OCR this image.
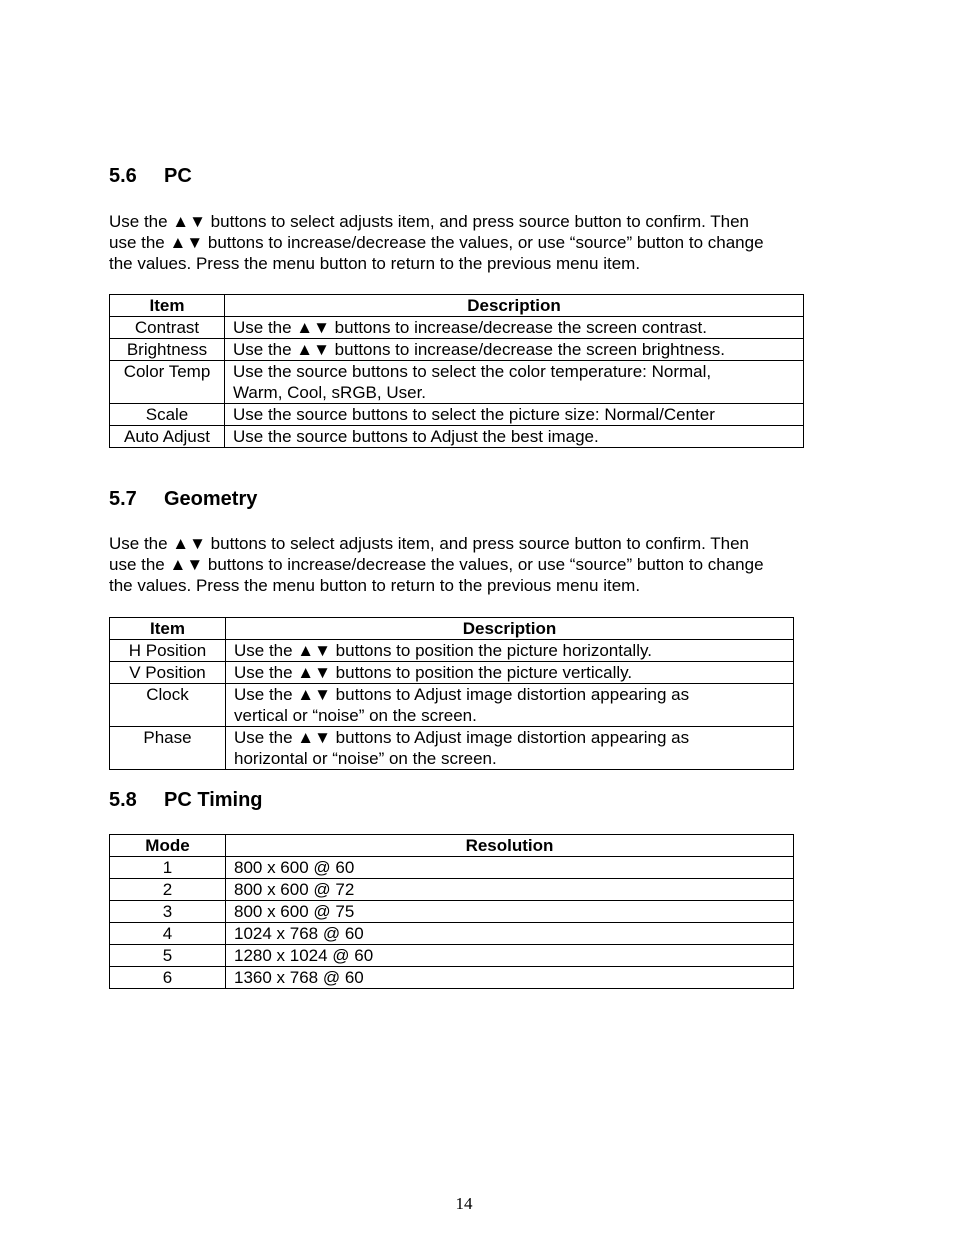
5.6 PC

Use the ▲▼ buttons to select adjusts item, and press source button to confirm. Then

use the ▲▼ buttons to increase/decrease the values, or use “source” button to change

the values. Press the menu button to return to the previous menu item.

Item	Description
Contrast	Use the ▲▼ buttons to increase/decrease the screen contrast.
Brightness	Use the ▲▼ buttons to increase/decrease the screen brightness.
Color Temp	Use the source buttons to select the color temperature: Normal,
Warm, Cool, sRGB, User.

Scale	Use the source buttons to select the picture size: Normal/Center
Auto Adjust	Use the source buttons to Adjust the best image.
5.7 Geometry

Use the ▲▼ buttons to select adjusts item, and press source button to confirm. Then

use the ▲▼ buttons to increase/decrease the values, or use “source” button to change

the values. Press the menu button to return to the previous menu item.

Item	Description
H Position	Use the ▲▼ buttons to position the picture horizontally.
V Position	Use the ▲▼ buttons to position the picture vertically.
Clock	Use the ▲▼ buttons to Adjust image distortion appearing as
vertical or “noise” on the screen.

Phase	Use the ▲▼ buttons to Adjust image distortion appearing as
horizontal or “noise” on the screen.
5.8 PC Timing
Mode	Resolution
1	800 x 600 @ 60
2	800 x 600 @ 72
3	800 x 600 @ 75
4	1024 x 768 @ 60
5	1280 x 1024 @ 60
6	1360 x 768 @ 60
14
